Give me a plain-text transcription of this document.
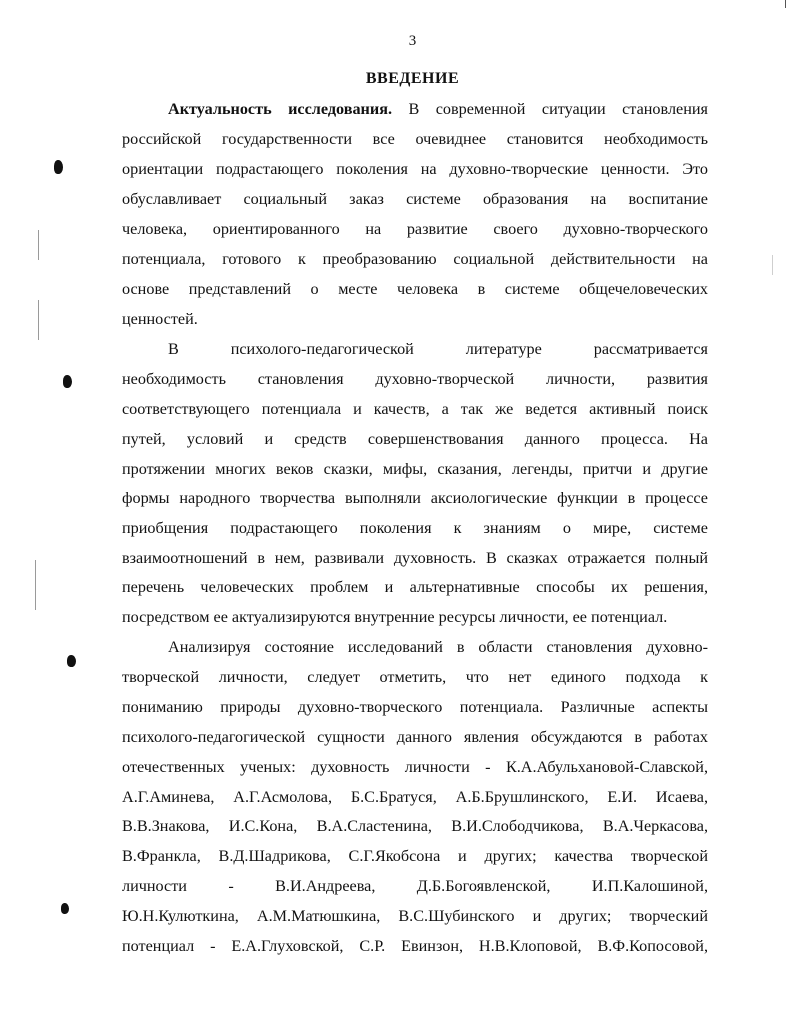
3
ВВЕДЕНИЕ
Актуальность исследования. В современной ситуации становления
российской государственности все очевиднее становится необходимость
ориентации подрастающего поколения на духовно-творческие ценности. Это
обуславливает социальный заказ системе образования на воспитание
человека, ориентированного на развитие своего духовно-творческого
потенциала, готового к преобразованию социальной действительности на
основе представлений о месте человека в системе общечеловеческих
ценностей.
В психолого-педагогической литературе рассматривается
необходимость становления духовно-творческой личности, развития
соответствующего потенциала и качеств, а так же ведется активный поиск
путей, условий и средств совершенствования данного процесса. На
протяжении многих веков сказки, мифы, сказания, легенды, притчи и другие
формы народного творчества выполняли аксиологические функции в процессе
приобщения подрастающего поколения к знаниям о мире, системе
взаимоотношений в нем, развивали духовность. В сказках отражается полный
перечень человеческих проблем и альтернативные способы их решения,
посредством ее актуализируются внутренние ресурсы личности, ее потенциал.
Анализируя состояние исследований в области становления духовно-
творческой личности, следует отметить, что нет единого подхода к
пониманию природы духовно-творческого потенциала. Различные аспекты
психолого-педагогической сущности данного явления обсуждаются в работах
отечественных ученых: духовность личности - К.А.Абульхановой-Славской,
А.Г.Аминева, А.Г.Асмолова, Б.С.Братуся, А.Б.Брушлинского, Е.И. Исаева,
В.В.Знакова, И.С.Кона, В.А.Сластенина, В.И.Слободчикова, В.А.Черкасова,
В.Франкла, В.Д.Шадрикова, С.Г.Якобсона и других; качества творческой
личности - В.И.Андреева, Д.Б.Богоявленской, И.П.Калошиной,
Ю.Н.Кулюткина, А.М.Матюшкина, В.С.Шубинского и других; творческий
потенциал - Е.А.Глуховской, С.Р. Евинзон, Н.В.Клоповой, В.Ф.Копосовой,
